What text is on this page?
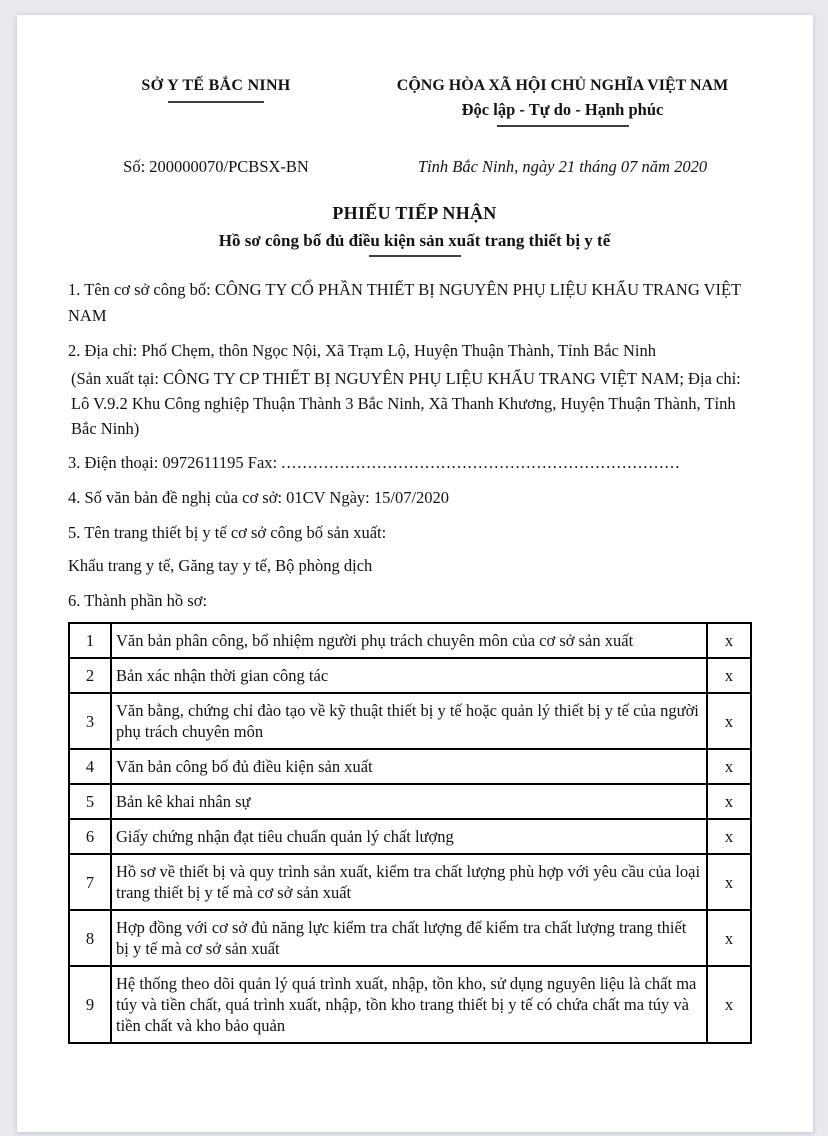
SỞ Y TẾ BẮC NINH	CỘNG HÒA XÃ HỘI CHỦ NGHĨA VIỆT NAM
Độc lập - Tự do - Hạnh phúc
Số: 200000070/PCBSX-BN	Tỉnh Bắc Ninh, ngày 21 tháng 07 năm 2020
PHIẾU TIẾP NHẬN
Hồ sơ công bố đủ điều kiện sản xuất trang thiết bị y tế

1. Tên cơ sở công bố: CÔNG TY CỔ PHẦN THIẾT BỊ NGUYÊN PHỤ LIỆU KHẨU TRANG VIỆT NAM

2. Địa chỉ: Phố Chẹm, thôn Ngọc Nội, Xã Trạm Lộ, Huyện Thuận Thành, Tỉnh Bắc Ninh

(Sản xuất tại: CÔNG TY CP THIẾT BỊ NGUYÊN PHỤ LIỆU KHẨU TRANG VIỆT NAM; Địa chỉ: Lô V.9.2 Khu Công nghiệp Thuận Thành 3 Bắc Ninh, Xã Thanh Khương, Huyện Thuận Thành, Tỉnh Bắc Ninh)

3. Điện thoại: 0972611195 Fax: ...........................................................................

4. Số văn bản đề nghị của cơ sở: 01CV Ngày: 15/07/2020

5. Tên trang thiết bị y tế cơ sở công bố sản xuất:

Khẩu trang y tế, Găng tay y tế, Bộ phòng dịch

6. Thành phần hồ sơ:

1	Văn bản phân công, bổ nhiệm người phụ trách chuyên môn của cơ sở sản xuất	x
2	Bản xác nhận thời gian công tác	x
3	Văn bằng, chứng chỉ đào tạo về kỹ thuật thiết bị y tế hoặc quản lý thiết bị y tế của người phụ trách chuyên môn	x
4	Văn bản công bố đủ điều kiện sản xuất	x
5	Bản kê khai nhân sự	x
6	Giấy chứng nhận đạt tiêu chuẩn quản lý chất lượng	x
7	Hồ sơ về thiết bị và quy trình sản xuất, kiểm tra chất lượng phù hợp với yêu cầu của loại trang thiết bị y tế mà cơ sở sản xuất	x
8	Hợp đồng với cơ sở đủ năng lực kiểm tra chất lượng để kiểm tra chất lượng trang thiết bị y tế mà cơ sở sản xuất	x
9	Hệ thống theo dõi quản lý quá trình xuất, nhập, tồn kho, sử dụng nguyên liệu là chất ma túy và tiền chất, quá trình xuất, nhập, tồn kho trang thiết bị y tế có chứa chất ma túy và tiền chất và kho bảo quản	x
